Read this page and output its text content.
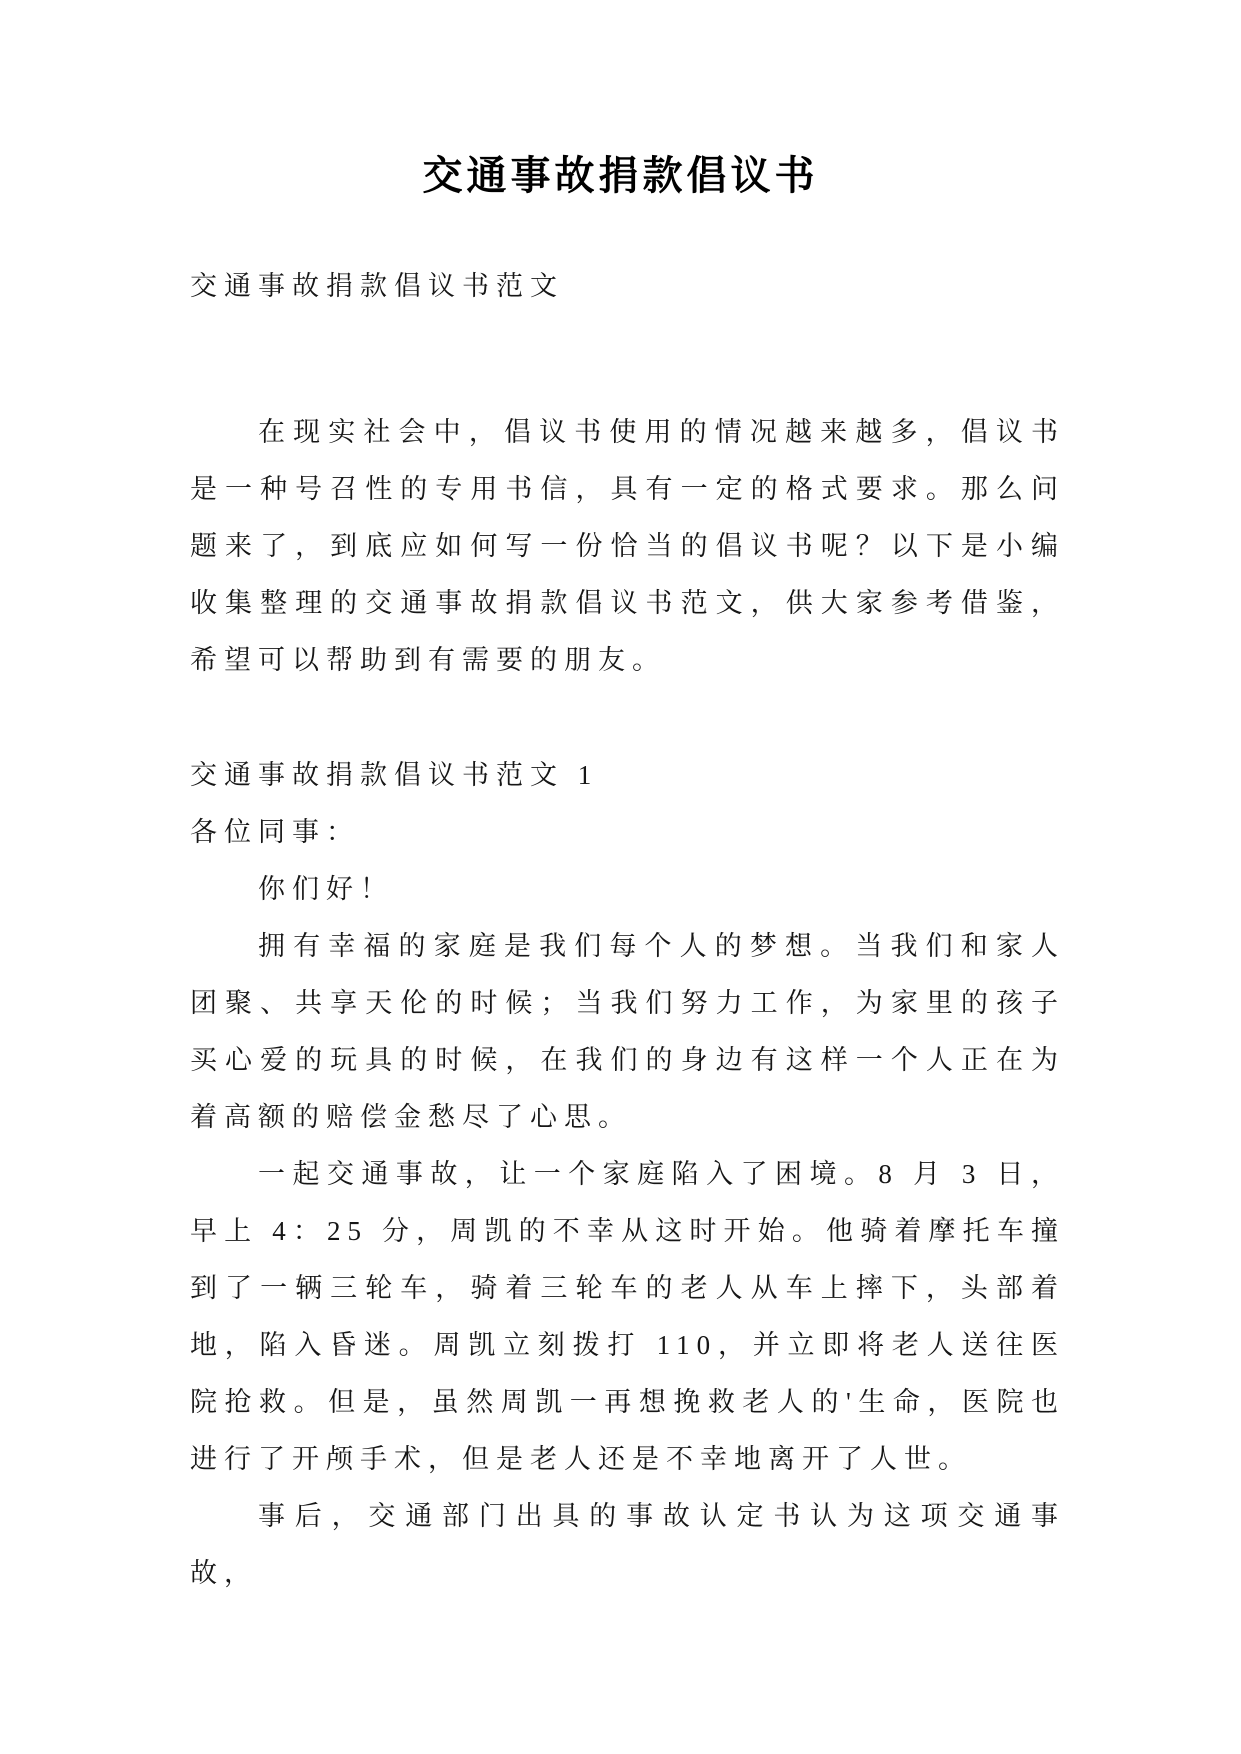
交通事故捐款倡议书

交通事故捐款倡议书范文

在现实社会中，倡议书使用的情况越来越多，倡议书是一种号召性的专用书信，具有一定的格式要求。那么问题来了，到底应如何写一份恰当的倡议书呢？以下是小编收集整理的交通事故捐款倡议书范文，供大家参考借鉴，希望可以帮助到有需要的朋友。

交通事故捐款倡议书范文 1

各位同事：

你们好！

拥有幸福的家庭是我们每个人的梦想。当我们和家人团聚、共享天伦的时候；当我们努力工作，为家里的孩子买心爱的玩具的时候，在我们的身边有这样一个人正在为着高额的赔偿金愁尽了心思。

一起交通事故，让一个家庭陷入了困境。8 月 3 日，早上 4：25 分，周凯的不幸从这时开始。他骑着摩托车撞到了一辆三轮车，骑着三轮车的老人从车上摔下，头部着地，陷入昏迷。周凯立刻拨打 110，并立即将老人送往医院抢救。但是，虽然周凯一再想挽救老人的'生命，医院也进行了开颅手术，但是老人还是不幸地离开了人世。

事后，交通部门出具的事故认定书认为这项交通事故，
